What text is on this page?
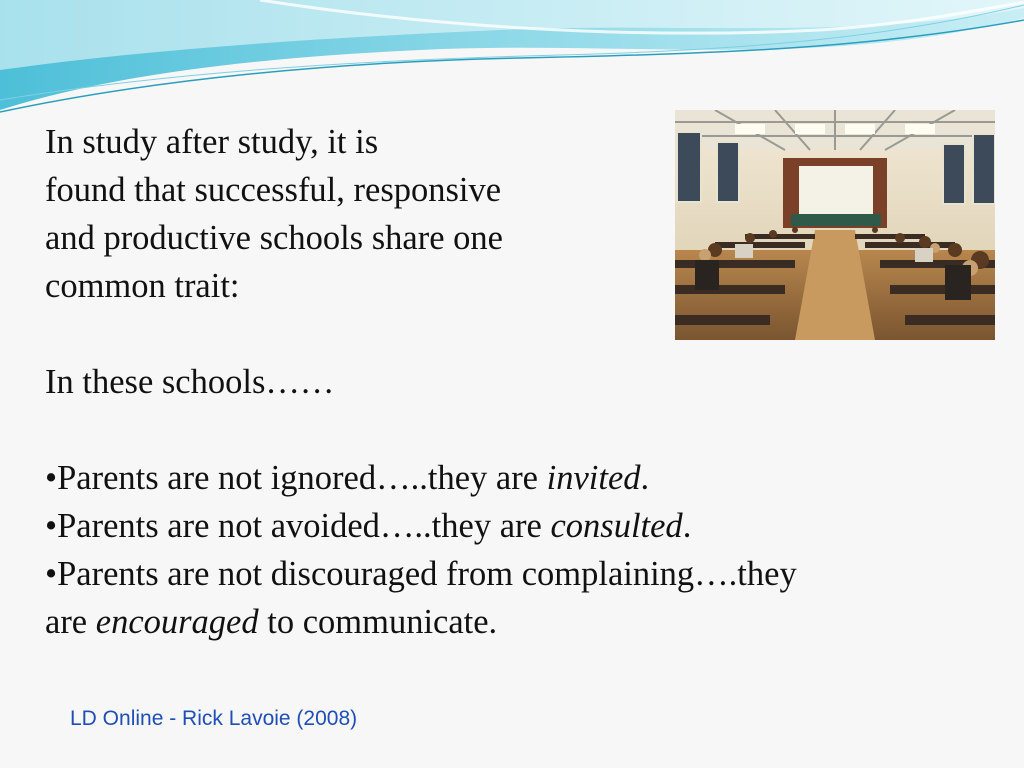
In study after study, it is
found that successful, responsive
and productive schools share one
common trait:
In these schools……
•Parents are not ignored…..they are invited.
•Parents are not avoided…..they are consulted.
•Parents are not discouraged from complaining….they
are encouraged to communicate.
LD Online - Rick Lavoie (2008)
